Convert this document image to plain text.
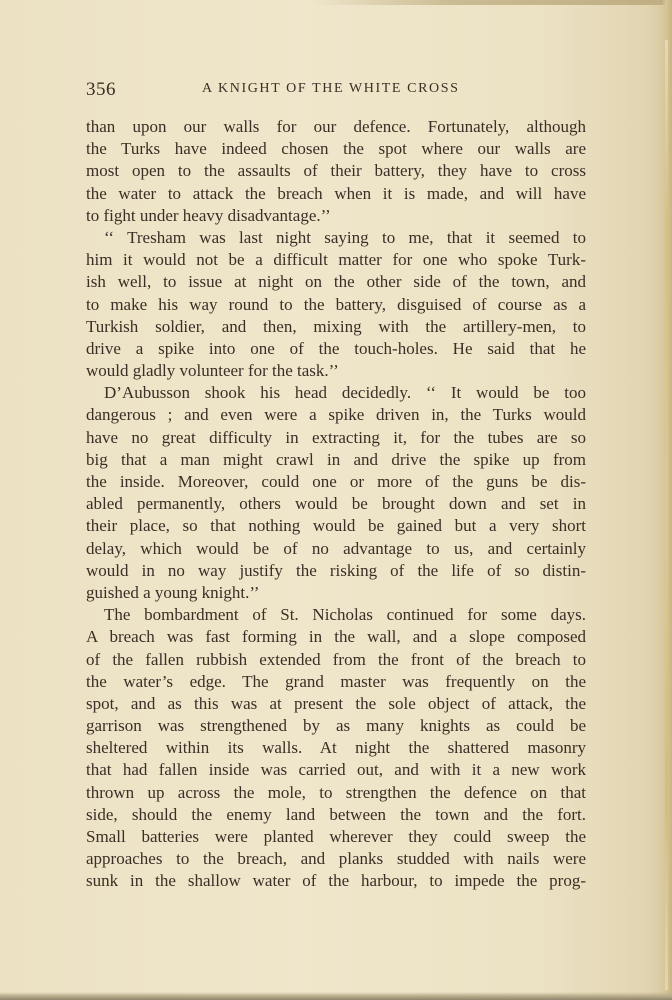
356	A KNIGHT OF THE WHITE CROSS
than upon our walls for our defence. Fortunately, although
the Turks have indeed chosen the spot where our walls are
most open to the assaults of their battery, they have to cross
the water to attack the breach when it is made, and will have
to fight under heavy disadvantage.’’
‘‘ Tresham was last night saying to me, that it seemed to
him it would not be a difficult matter for one who spoke Turk-
ish well, to issue at night on the other side of the town, and
to make his way round to the battery, disguised of course as a
Turkish soldier, and then, mixing with the artillery-men, to
drive a spike into one of the touch-holes. He said that he
would gladly volunteer for the task.’’
D’Aubusson shook his head decidedly. ‘‘ It would be too
dangerous ; and even were a spike driven in, the Turks would
have no great difficulty in extracting it, for the tubes are so
big that a man might crawl in and drive the spike up from
the inside. Moreover, could one or more of the guns be dis-
abled permanently, others would be brought down and set in
their place, so that nothing would be gained but a very short
delay, which would be of no advantage to us, and certainly
would in no way justify the risking of the life of so distin-
guished a young knight.’’
The bombardment of St. Nicholas continued for some days.
A breach was fast forming in the wall, and a slope composed
of the fallen rubbish extended from the front of the breach to
the water’s edge. The grand master was frequently on the
spot, and as this was at present the sole object of attack, the
garrison was strengthened by as many knights as could be
sheltered within its walls. At night the shattered masonry
that had fallen inside was carried out, and with it a new work
thrown up across the mole, to strengthen the defence on that
side, should the enemy land between the town and the fort.
Small batteries were planted wherever they could sweep the
approaches to the breach, and planks studded with nails were
sunk in the shallow water of the harbour, to impede the prog-
